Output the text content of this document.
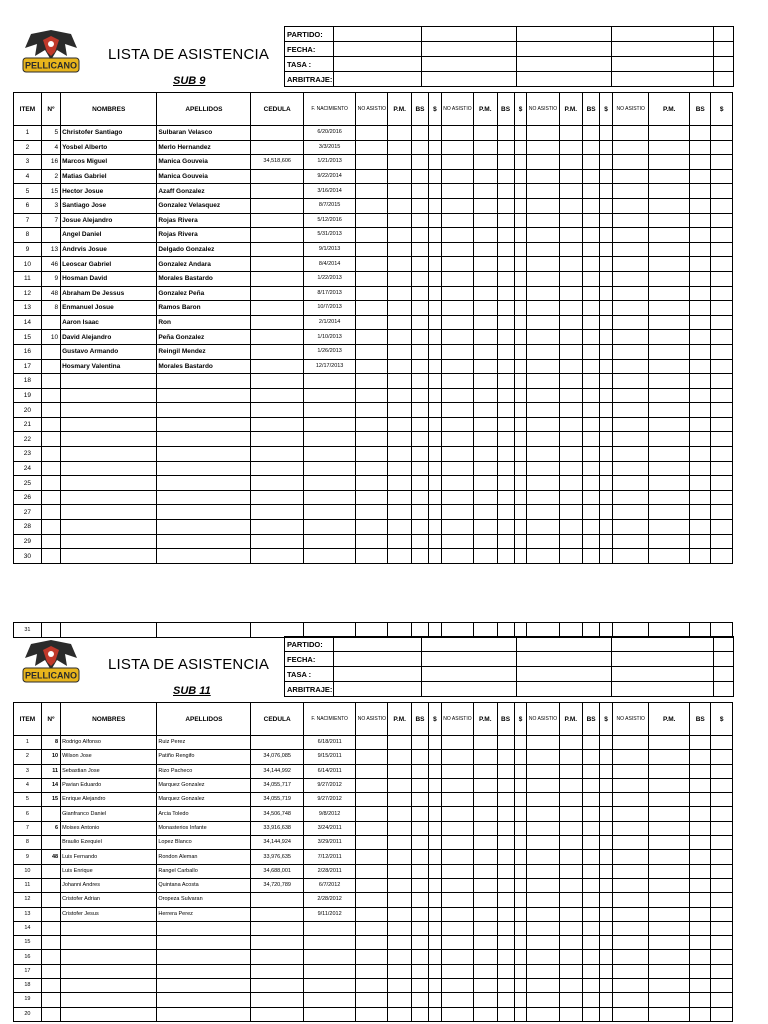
PELLICANO
LISTA DE ASISTENCIA
SUB 9
PARTIDO:					
FECHA:					
TASA :					
ARBITRAJE:					
ITEM	Nº	NOMBRES	APELLIDOS	CEDULA	F. NACIMIENTO	NO ASISTIO	P.M.	BS	$	NO ASISTIO	P.M.	BS	$	NO ASISTIO	P.M.	BS	$	NO ASISTIO	P.M.	BS	$
1	5	Christofer Santiago	Sulbaran Velasco		6/20/2016																
2	4	Yosbel Alberto	Merlo Hernandez		3/3/2015																
3	16	Marcos Miguel	Manica Gouveia	34,518,606	1/21/2013																
4	2	Matias Gabriel	Manica Gouveia		9/22/2014																
5	15	Hector Josue	Azaff Gonzalez		3/16/2014																
6	3	Santiago Jose	Gonzalez Velasquez		8/7/2015																
7	7	Josue Alejandro	Rojas Rivera		5/12/2016																
8		Angel Daniel	Rojas Rivera		5/31/2013																
9	13	Andrvis Josue	Delgado Gonzalez		9/1/2013																
10	46	Leoscar Gabriel	Gonzalez Andara		8/4/2014																
11	9	Hosman David	Morales Bastardo		1/22/2013																
12	48	Abraham De Jessus	Gonzalez Peña		8/17/2013																
13	8	Enmanuel Josue	Ramos Baron		10/7/2013																
14		Aaron Isaac	Ron		2/1/2014																
15	10	David Alejandro	Peña Gonzalez		1/10/2013																
16		Gustavo Armando	Reingil Mendez		1/26/2013																
17		Hosmary Valentina	Morales Bastardo		12/17/2013																
18																					
19																					
20																					
21																					
22																					
23																					
24																					
25																					
26																					
27																					
28																					
29																					
30																					
31																					
PELLICANO
LISTA DE ASISTENCIA
SUB 11
PARTIDO:					
FECHA:					
TASA :					
ARBITRAJE:					
ITEM	Nº	NOMBRES	APELLIDOS	CEDULA	F. NACIMIENTO	NO ASISTIO	P.M.	BS	$	NO ASISTIO	P.M.	BS	$	NO ASISTIO	P.M.	BS	$	NO ASISTIO	P.M.	BS	$
1	8	Rodrigo Alfonso	Ruiz Perez		6/18/2011																
2	10	Wilson Jose	Patiño Rengifo	34,076,085	9/15/2011																
3	11	Sebastian Jose	Rizo Pacheco	34,144,992	6/14/2011																
4	14	Pavian Eduardo	Marquez Gonzalez	34,055,717	9/27/2012																
5	15	Enrique Alejandro	Marquez Gonzalez	34,055,719	9/27/2012																
6		Gianfranco Daniel	Arcia Toledo	34,506,748	9/8/2012																
7	6	Moises Antonio	Monasterios Infante	33,916,638	3/24/2011																
8		Braulio Ezequiel	Lopez Blanco	34,144,924	3/29/2011																
9	48	Luis Fernando	Rondon Aleman	33,976,635	7/12/2011																
10		Luis Enrique	Rangel Carballo	34,688,001	2/28/2011																
11		Johanni Andres	Quintana Acosta	34,720,789	6/7/2012																
12		Cristofer Adrian	Oropeza Sulvaran		2/28/2012																
13		Cristofer Jesus	Herrera Perez		9/11/2012																
14																					
15																					
16																					
17																					
18																					
19																					
20																					
